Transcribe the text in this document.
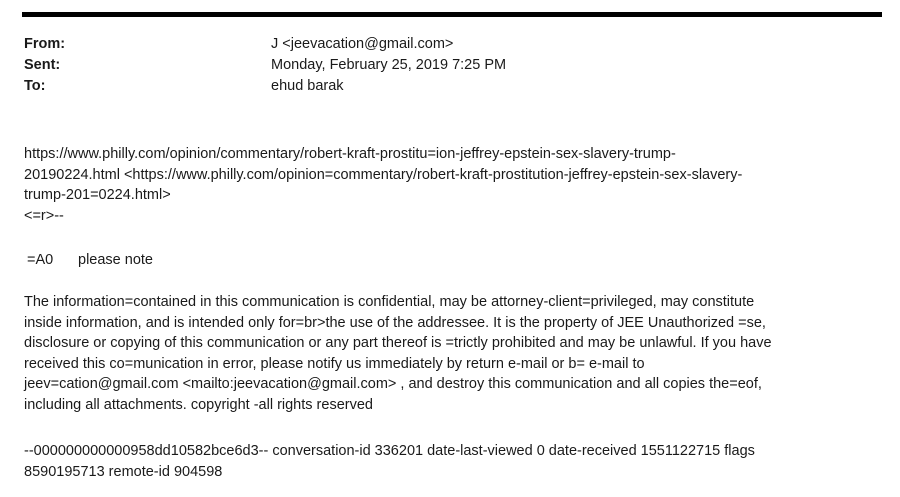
From:	J <jeevacation@gmail.com>
Sent:	Monday, February 25, 2019 7:25 PM
To:	ehud barak

https://www.philly.com/opinion/commentary/robert-kraft-prostitu=ion-jeffrey-epstein-sex-slavery-trump-

20190224.html <https://www.philly.com/opinion=commentary/robert-kraft-prostitution-jeffrey-epstein-sex-slavery-

trump-201=0224.html>

<=r>--

=A0	please note

The information=contained in this communication is confidential, may be attorney-client=privileged, may constitute

inside information, and is intended only for=br>the use of the addressee. It is the property of JEE Unauthorized =se,

disclosure or copying of this communication or any part thereof is =trictly prohibited and may be unlawful. If you have

received this co=munication in error, please notify us immediately by return e-mail or b= e-mail to

jeev=cation@gmail.com <mailto:jeevacation@gmail.com> , and destroy this communication and all copies the=eof,

including all attachments. copyright -all rights reserved

--000000000000958dd10582bce6d3-- conversation-id 336201 date-last-viewed 0 date-received 1551122715 flags

8590195713 remote-id 904598
